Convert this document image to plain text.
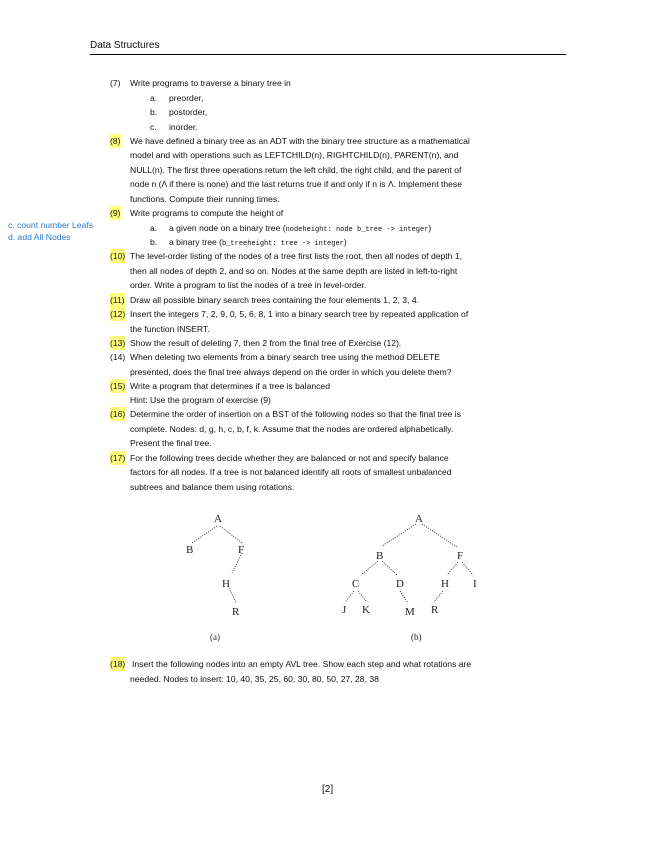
Data Structures
c. count number Leafs
d. add All Nodes
(7) Write programs to traverse a binary tree in
a. preorder,
b. postorder,
c. inorder.
(8) We have defined a binary tree as an ADT with the binary tree structure as a mathematical
model and with operations such as LEFTCHILD(n), RIGHTCHILD(n), PARENT(n), and
NULL(n). The first three operations return the left child, the right child, and the parent of
node n (Λ if there is none) and the last returns true if and only if n is Λ. Implement these
functions. Compute their running times.
(9) Write programs to compute the height of
a. a given node on a binary tree (nodeheight: node b_tree -> integer)
b. a binary tree (b_treeheight: tree -> integer)
(10) The level-order listing of the nodes of a tree first lists the root, then all nodes of depth 1,
then all nodes of depth 2, and so on. Nodes at the same depth are listed in left-to-right
order. Write a program to list the nodes of a tree in level-order.
(11) Draw all possible binary search trees containing the four elements 1, 2, 3, 4.
(12) Insert the integers 7, 2, 9, 0, 5, 6, 8, 1 into a binary search tree by repeated application of
the function INSERT.
(13) Show the result of deleting 7, then 2 from the final tree of Exercise (12).
(14) When deleting two elements from a binary search tree using the method DELETE
presented, does the final tree always depend on the order in which you delete them?
(15) Write a program that determines if a tree is balanced
Hint: Use the program of exercise (9)
(16) Determine the order of insertion on a BST of the following nodes so that the final tree is
complete. Nodes: d, g, h, c, b, f, k. Assume that the nodes are ordered alphabetically.
Present the final tree.
(17) For the following trees decide whether they are balanced or not and specify balance
factors for all nodes. If a tree is not balanced identify all roots of smallest unbalanced
subtrees and balance them using rotations.
A
B	F
H
R
(a)
A
B	F
C	D	H I
J K	M R
(b)
(18) Insert the following nodes into an empty AVL tree. Show each step and what rotations are
needed. Nodes to insert: 10, 40, 35, 25, 60, 30, 80, 50, 27, 28, 38
[2]
